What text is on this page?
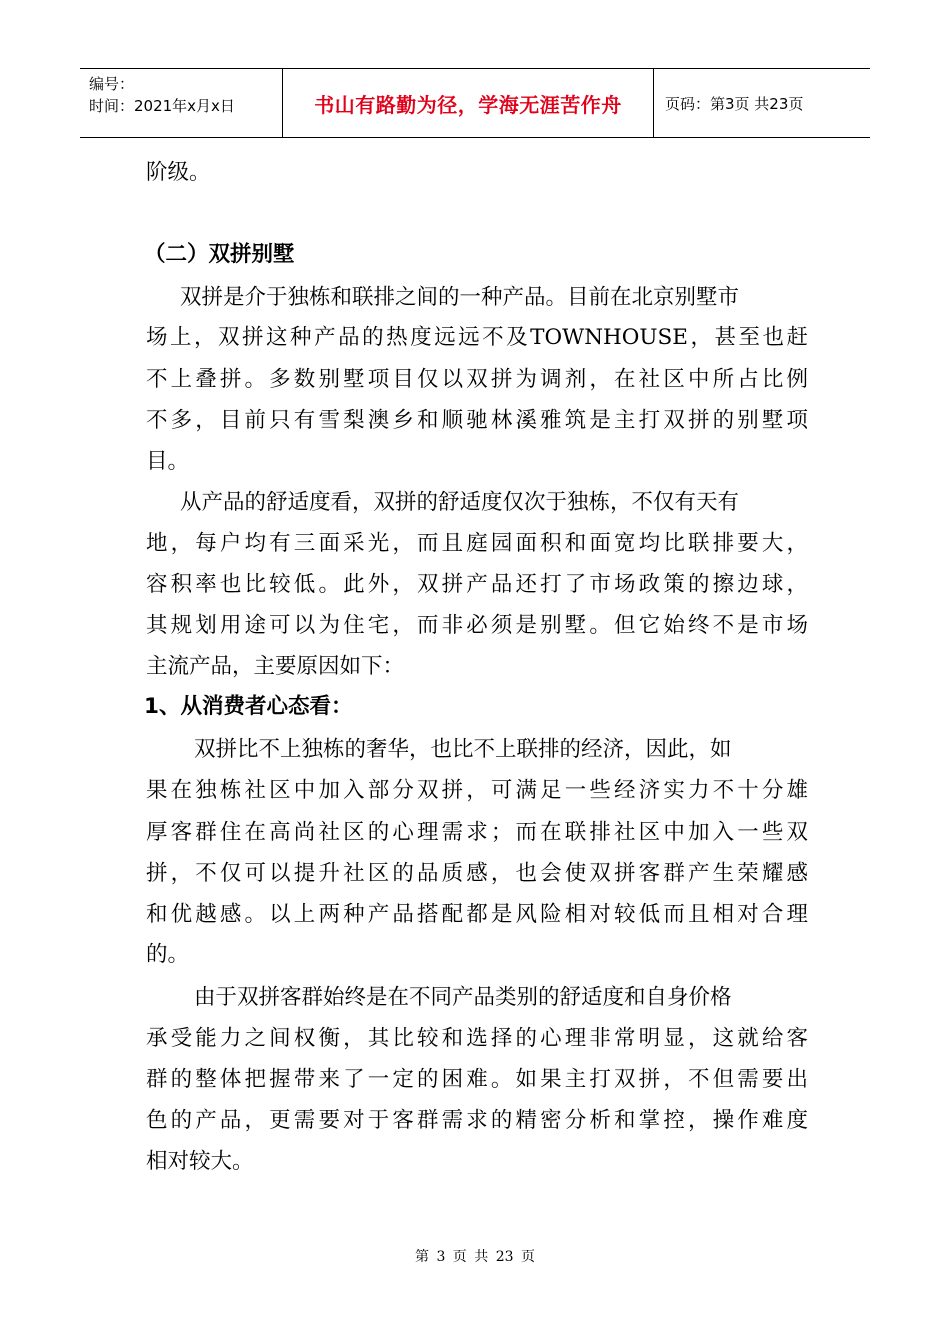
编号：
时间：2021年x月x日	书山有路勤为径，学海无涯苦作舟	页码：第3页 共23页
阶级。
（二）双拼别墅
双拼是介于独栋和联排之间的一种产品。目前在北京别墅市
场上，双拼这种产品的热度远远不及TOWNHOUSE，甚至也赶
不上叠拼。多数别墅项目仅以双拼为调剂，在社区中所占比例
不多，目前只有雪梨澳乡和顺驰林溪雅筑是主打双拼的别墅项
目。
从产品的舒适度看，双拼的舒适度仅次于独栋，不仅有天有
地，每户均有三面采光，而且庭园面积和面宽均比联排要大，
容积率也比较低。此外，双拼产品还打了市场政策的擦边球，
其规划用途可以为住宅，而非必须是别墅。但它始终不是市场
主流产品，主要原因如下：
1、从消费者心态看：
双拼比不上独栋的奢华，也比不上联排的经济，因此，如
果在独栋社区中加入部分双拼，可满足一些经济实力不十分雄
厚客群住在高尚社区的心理需求；而在联排社区中加入一些双
拼，不仅可以提升社区的品质感，也会使双拼客群产生荣耀感
和优越感。以上两种产品搭配都是风险相对较低而且相对合理
的。
由于双拼客群始终是在不同产品类别的舒适度和自身价格
承受能力之间权衡，其比较和选择的心理非常明显，这就给客
群的整体把握带来了一定的困难。如果主打双拼，不但需要出
色的产品，更需要对于客群需求的精密分析和掌控，操作难度
相对较大。
第 3 页 共 23 页
